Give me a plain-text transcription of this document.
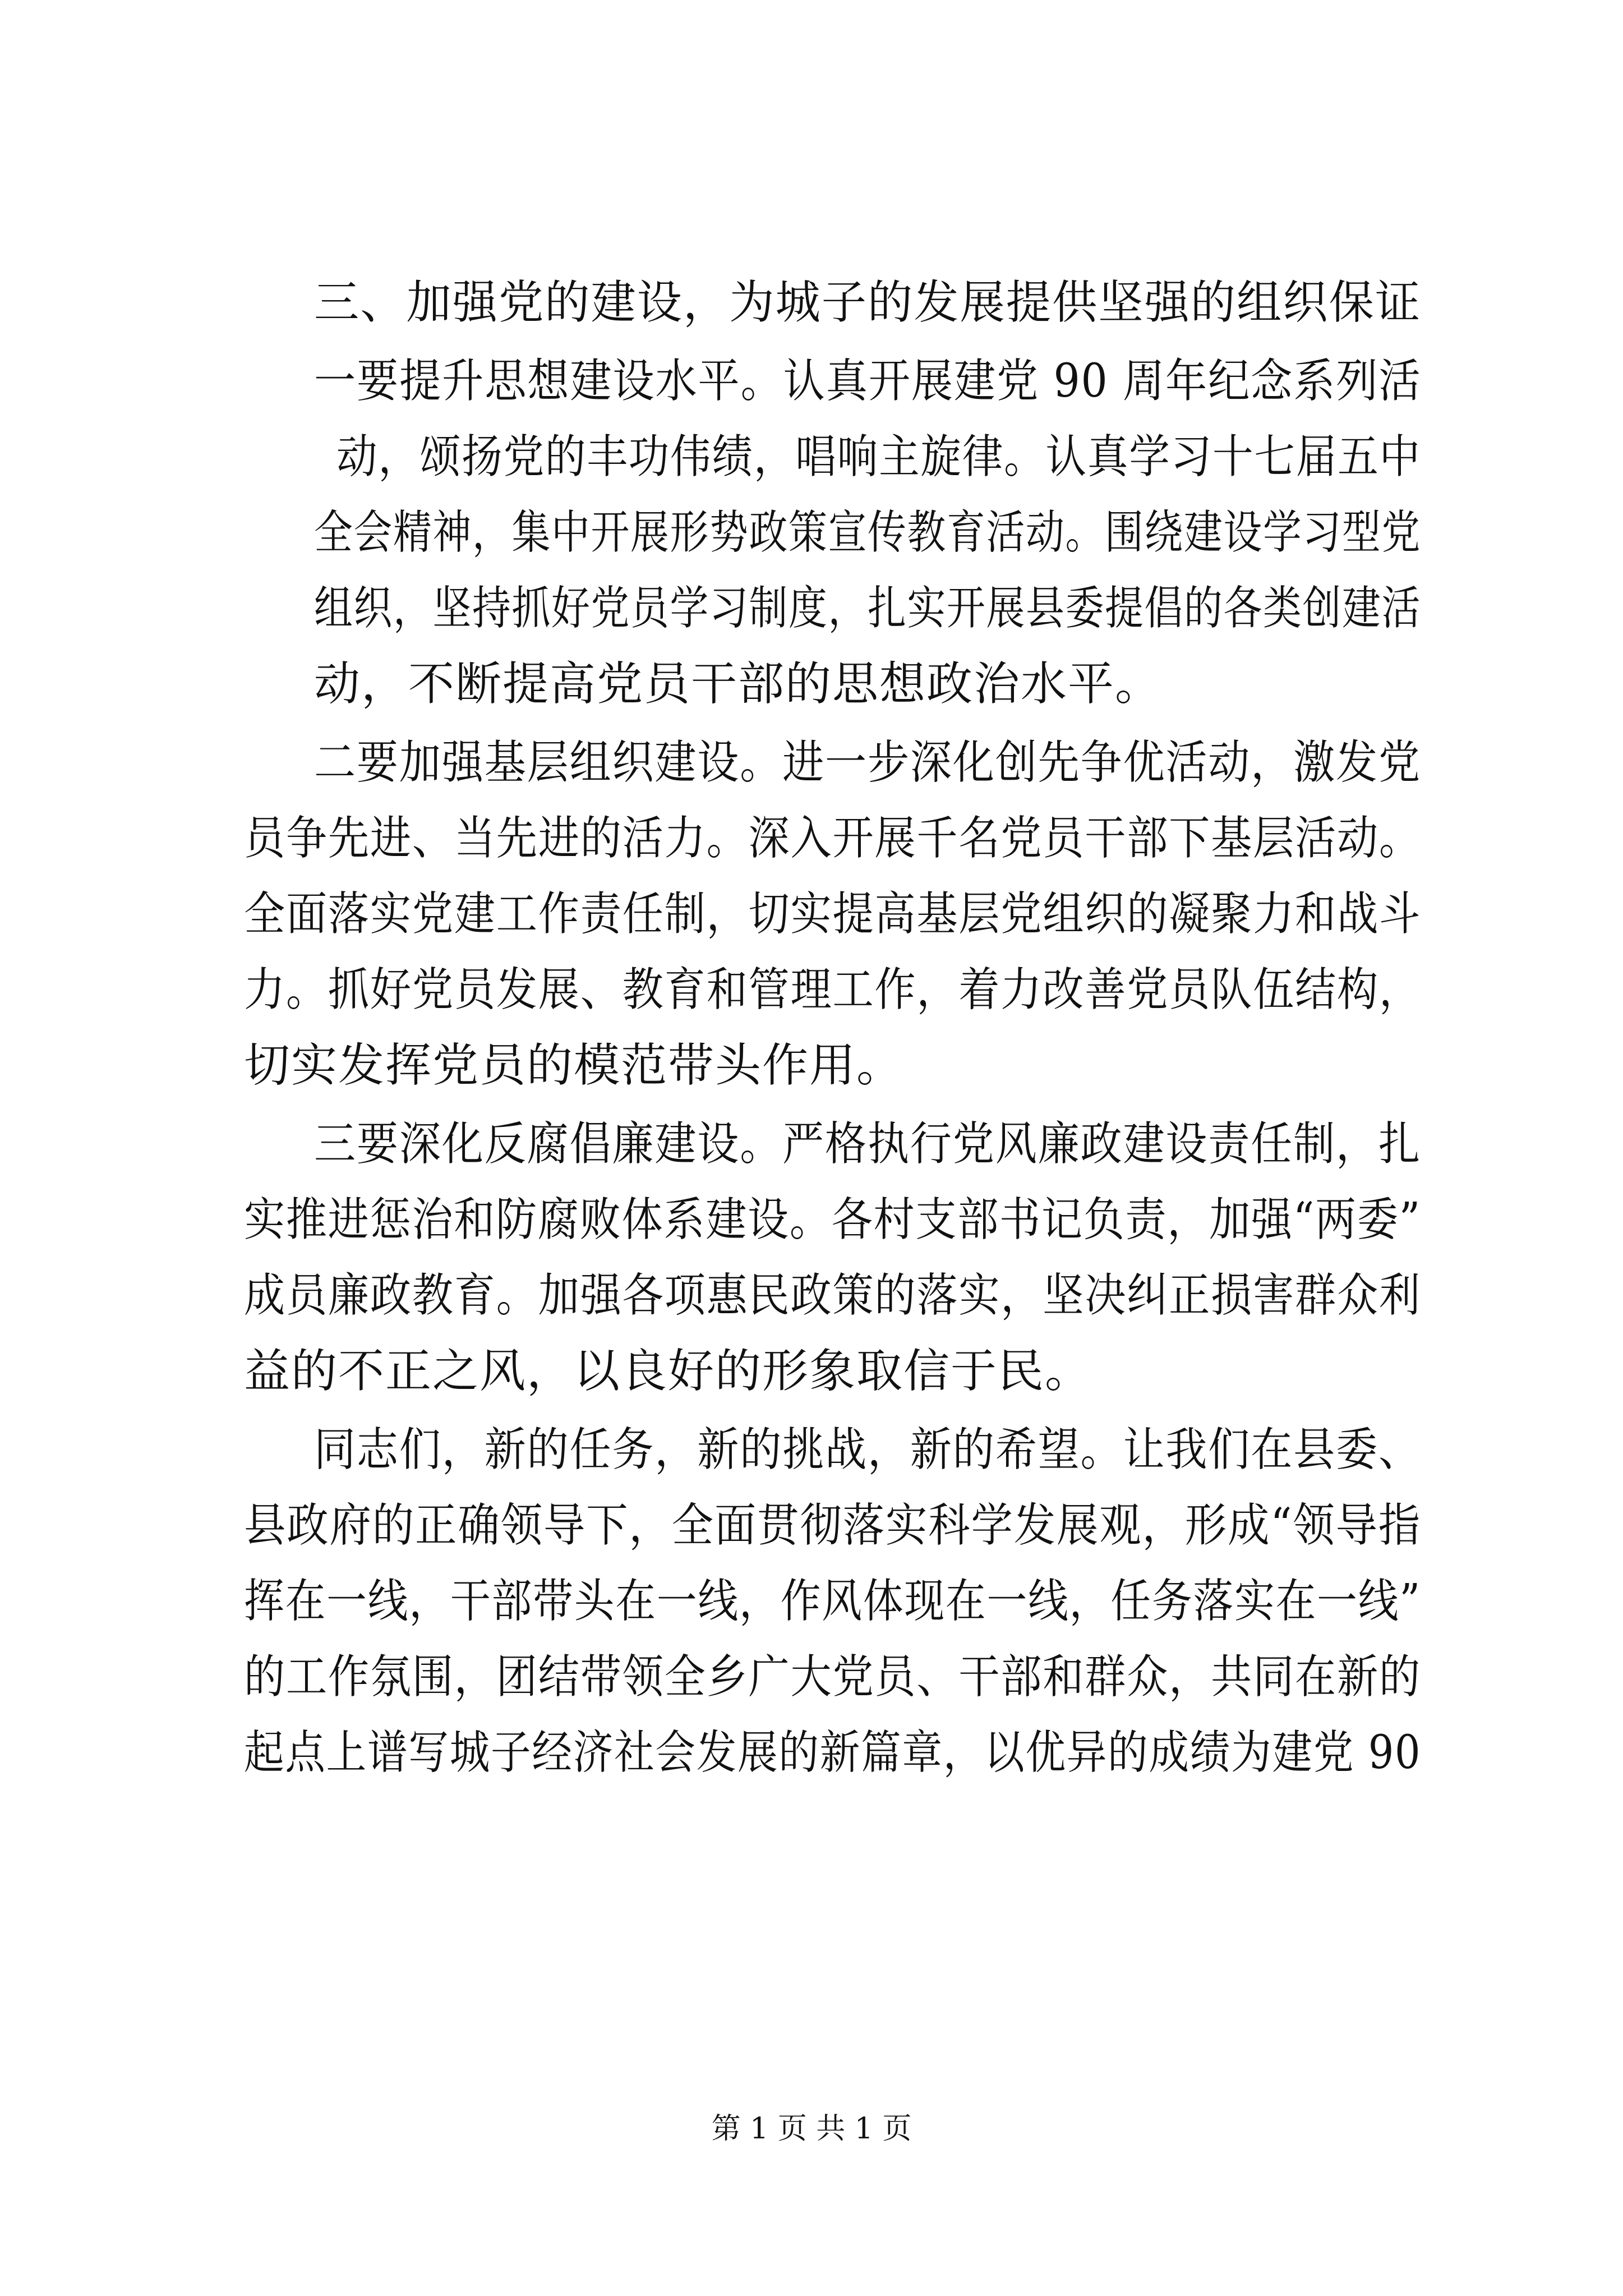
三、加强党的建设，为城子的发展提供坚强的组织保证
一要提升思想建设水平。认真开展建党 90 周年纪念系列活
动，颂扬党的丰功伟绩，唱响主旋律。认真学习十七届五中
全会精神，集中开展形势政策宣传教育活动。围绕建设学习型党
组织，坚持抓好党员学习制度，扎实开展县委提倡的各类创建活
动，不断提高党员干部的思想政治水平。
二要加强基层组织建设。进一步深化创先争优活动，激发党
员争先进、当先进的活力。深入开展千名党员干部下基层活动。
全面落实党建工作责任制，切实提高基层党组织的凝聚力和战斗
力。抓好党员发展、教育和管理工作，着力改善党员队伍结构，
切实发挥党员的模范带头作用。
三要深化反腐倡廉建设。严格执行党风廉政建设责任制，扎
实推进惩治和防腐败体系建设。各村支部书记负责，加强“两委”
成员廉政教育。加强各项惠民政策的落实，坚决纠正损害群众利
益的不正之风，以良好的形象取信于民。
同志们，新的任务，新的挑战，新的希望。让我们在县委、
县政府的正确领导下，全面贯彻落实科学发展观，形成“领导指
挥在一线，干部带头在一线，作风体现在一线，任务落实在一线”
的工作氛围，团结带领全乡广大党员、干部和群众，共同在新的
起点上谱写城子经济社会发展的新篇章，以优异的成绩为建党 90
第 1 页 共 1 页
